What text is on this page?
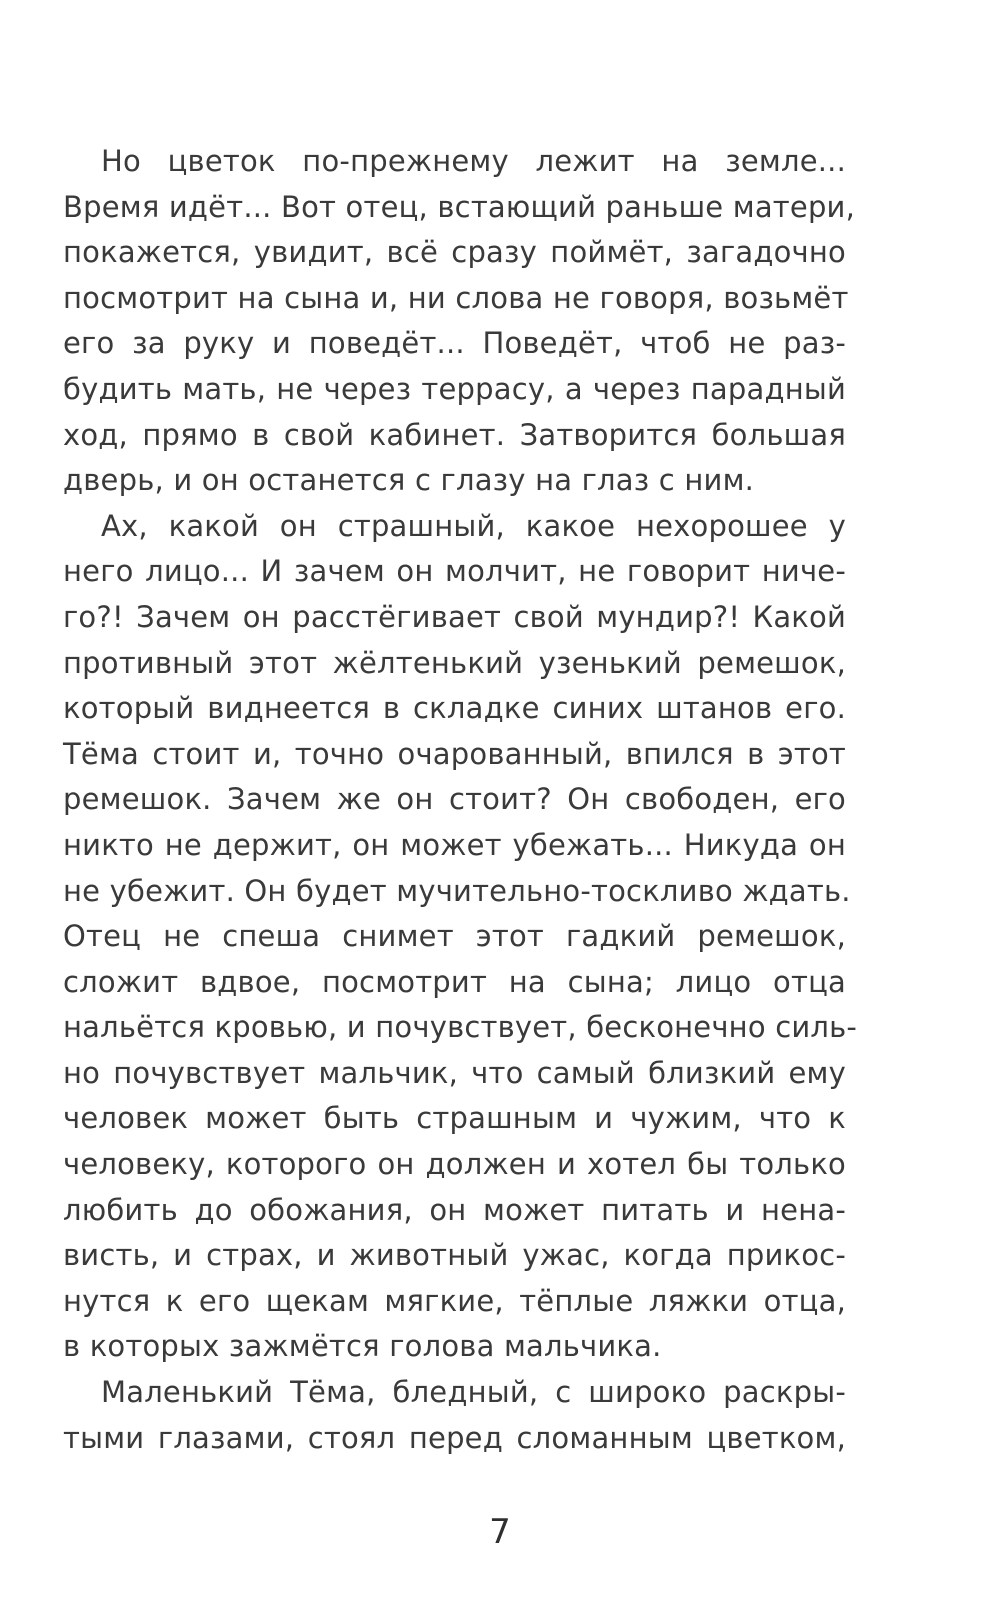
Но цветок по-прежнему лежит на земле...
Время идёт... Вот отец, встающий раньше матери,
покажется, увидит, всё сразу поймёт, загадочно
посмотрит на сына и, ни слова не говоря, возьмёт
его за руку и поведёт... Поведёт, чтоб не раз-
будить мать, не через террасу, а через парадный
ход, прямо в свой кабинет. Затворится большая
дверь, и он останется с глазу на глаз с ним.
Ах, какой он страшный, какое нехорошее у
него лицо... И зачем он молчит, не говорит ниче-
го?! Зачем он расстёгивает свой мундир?! Какой
противный этот жёлтенький узенький ремешок,
который виднеется в складке синих штанов его.
Тёма стоит и, точно очарованный, впился в этот
ремешок. Зачем же он стоит? Он свободен, его
никто не держит, он может убежать... Никуда он
не убежит. Он будет мучительно-тоскливо ждать.
Отец не спеша снимет этот гадкий ремешок,
сложит вдвое, посмотрит на сына; лицо отца
нальётся кровью, и почувствует, бесконечно силь-
но почувствует мальчик, что самый близкий ему
человек может быть страшным и чужим, что к
человеку, которого он должен и хотел бы только
любить до обожания, он может питать и нена-
висть, и страх, и животный ужас, когда прикос-
нутся к его щекам мягкие, тёплые ляжки отца,
в которых зажмётся голова мальчика.
Маленький Тёма, бледный, с широко раскры-
тыми глазами, стоял перед сломанным цветком,
7
